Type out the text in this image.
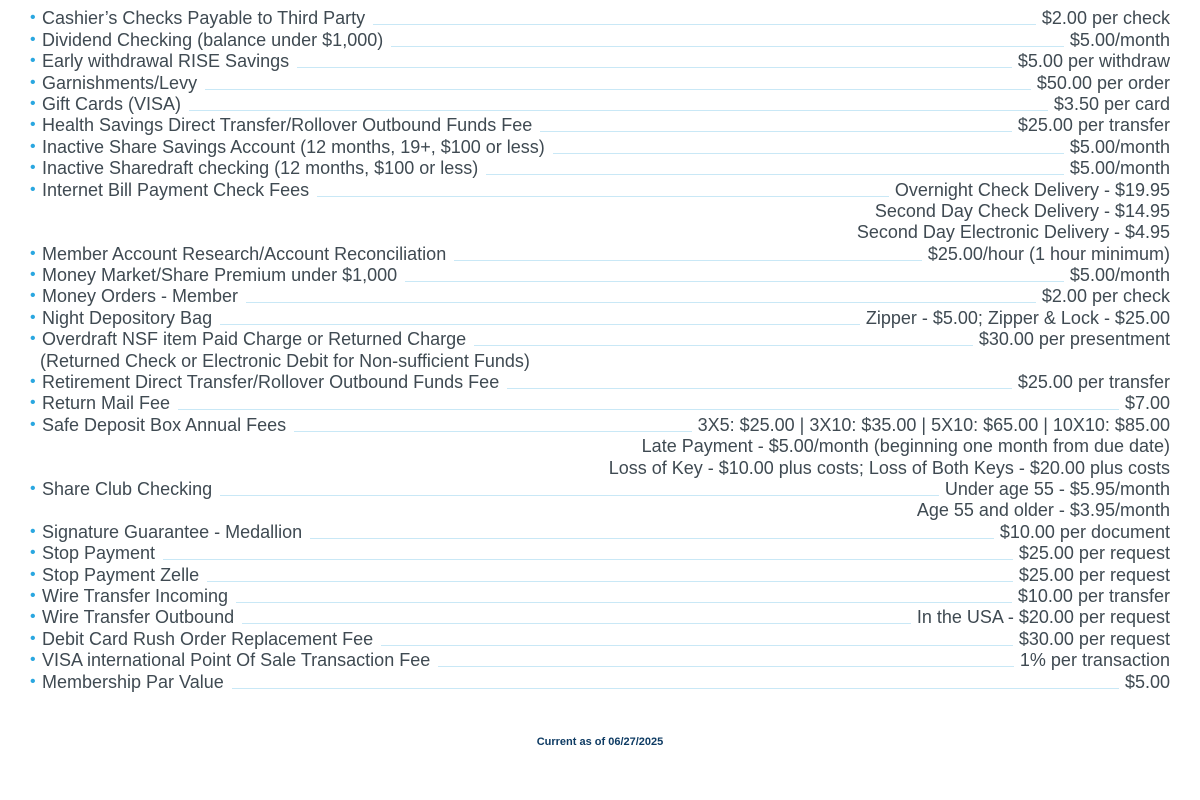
• Cashier’s Checks Payable to Third Party	$2.00 per check
• Dividend Checking (balance under $1,000)	$5.00/month
• Early withdrawal RISE Savings	$5.00 per withdraw
• Garnishments/Levy	$50.00 per order
• Gift Cards (VISA)	$3.50 per card
• Health Savings Direct Transfer/Rollover Outbound Funds Fee	$25.00 per transfer
• Inactive Share Savings Account (12 months, 19+, $100 or less)	$5.00/month
• Inactive Sharedraft checking (12 months, $100 or less)	$5.00/month
• Internet Bill Payment Check Fees	Overnight Check Delivery - $19.95
Second Day Check Delivery - $14.95
Second Day Electronic Delivery - $4.95
• Member Account Research/Account Reconciliation	$25.00/hour (1 hour minimum)
• Money Market/Share Premium under $1,000	$5.00/month
• Money Orders - Member	$2.00 per check
• Night Depository Bag	Zipper - $5.00; Zipper & Lock - $25.00
• Overdraft NSF item Paid Charge or Returned Charge	$30.00 per presentment
(Returned Check or Electronic Debit for Non-sufficient Funds)
• Retirement Direct Transfer/Rollover Outbound Funds Fee	$25.00 per transfer
• Return Mail Fee	$7.00
• Safe Deposit Box Annual Fees	3X5: $25.00 | 3X10: $35.00 | 5X10: $65.00 | 10X10: $85.00
Late Payment - $5.00/month (beginning one month from due date)
Loss of Key - $10.00 plus costs; Loss of Both Keys - $20.00 plus costs
• Share Club Checking	Under age 55 - $5.95/month
Age 55 and older - $3.95/month
• Signature Guarantee - Medallion	$10.00 per document
• Stop Payment	$25.00 per request
• Stop Payment Zelle	$25.00 per request
• Wire Transfer Incoming	$10.00 per transfer
• Wire Transfer Outbound	In the USA - $20.00 per request
• Debit Card Rush Order Replacement Fee	$30.00 per request
• VISA international Point Of Sale Transaction Fee	1% per transaction
• Membership Par Value	$5.00
Current as of 06/27/2025
